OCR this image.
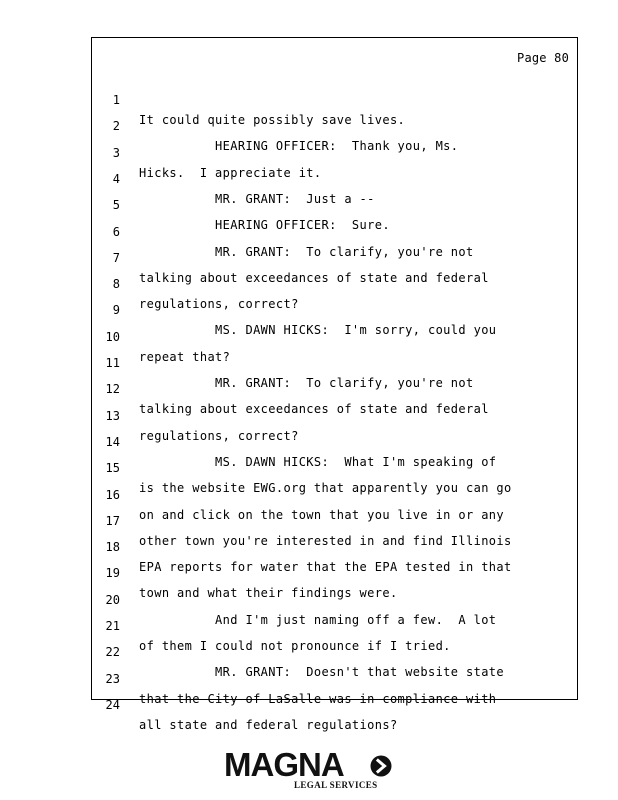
Page 80

1

It could quite possibly save lives.

2

HEARING OFFICER:  Thank you, Ms.

3

Hicks.  I appreciate it.

4

MR. GRANT:  Just a --

5

HEARING OFFICER:  Sure.

6

MR. GRANT:  To clarify, you're not

7

talking about exceedances of state and federal

8

regulations, correct?

9

MS. DAWN HICKS:  I'm sorry, could you

10

repeat that?

11

MR. GRANT:  To clarify, you're not

12

talking about exceedances of state and federal

13

regulations, correct?

14

MS. DAWN HICKS:  What I'm speaking of

15

is the website EWG.org that apparently you can go

16

on and click on the town that you live in or any

17

other town you're interested in and find Illinois

18

EPA reports for water that the EPA tested in that

19

town and what their findings were.

20

And I'm just naming off a few.  A lot

21

of them I could not pronounce if I tried.

22

MR. GRANT:  Doesn't that website state

23

that the City of LaSalle was in compliance with

24

all state and federal regulations?

MAGNA
LEGAL SERVICES
